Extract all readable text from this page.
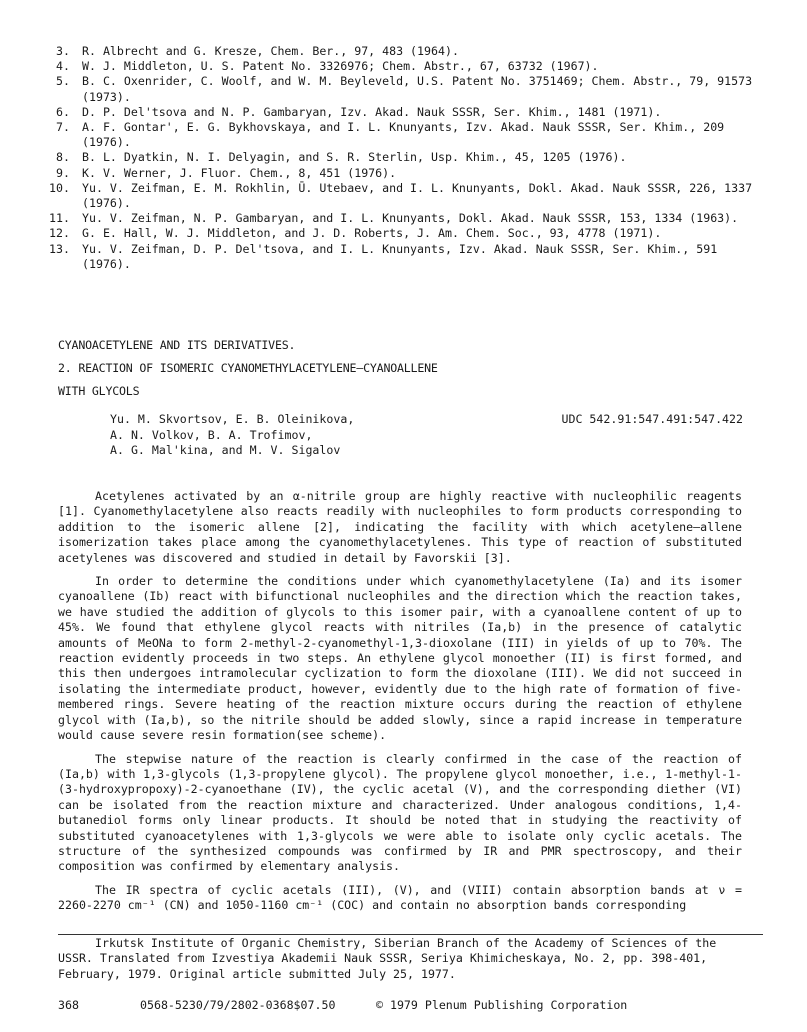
3.	R. Albrecht and G. Kresze, Chem. Ber., 97, 483 (1964).
4.	W. J. Middleton, U. S. Patent No. 3326976; Chem. Abstr., 67, 63732 (1967).
5.	B. C. Oxenrider, C. Woolf, and W. M. Beyleveld, U.S. Patent No. 3751469; Chem. Abstr., 79, 91573 (1973).
6.	D. P. Del'tsova and N. P. Gambaryan, Izv. Akad. Nauk SSSR, Ser. Khim., 1481 (1971).
7.	A. F. Gontar', E. G. Bykhovskaya, and I. L. Knunyants, Izv. Akad. Nauk SSSR, Ser. Khim., 209 (1976).
8.	B. L. Dyatkin, N. I. Delyagin, and S. R. Sterlin, Usp. Khim., 45, 1205 (1976).
9.	K. V. Werner, J. Fluor. Chem., 8, 451 (1976).
10.	Yu. V. Zeifman, E. M. Rokhlin, Ū. Utebaev, and I. L. Knunyants, Dokl. Akad. Nauk SSSR, 226, 1337 (1976).
11.	Yu. V. Zeifman, N. P. Gambaryan, and I. L. Knunyants, Dokl. Akad. Nauk SSSR, 153, 1334 (1963).
12.	G. E. Hall, W. J. Middleton, and J. D. Roberts, J. Am. Chem. Soc., 93, 4778 (1971).
13.	Yu. V. Zeifman, D. P. Del'tsova, and I. L. Knunyants, Izv. Akad. Nauk SSSR, Ser. Khim., 591 (1976).
CYANOACETYLENE AND ITS DERIVATIVES.
2. REACTION OF ISOMERIC CYANOMETHYLACETYLENE–CYANOALLENE
WITH GLYCOLS
Yu. M. Skvortsov, E. B. Oleinikova,
A. N. Volkov, B. A. Trofimov,
A. G. Mal'kina, and M. V. Sigalov
UDC 542.91:547.491:547.422

Acetylenes activated by an α-nitrile group are highly reactive with nucleophilic reagents [1]. Cyanomethylacetylene also reacts readily with nucleophiles to form products corresponding to addition to the isomeric allene [2], indicating the facility with which acetylene–allene isomerization takes place among the cyanomethylacetylenes. This type of reaction of substituted acetylenes was discovered and studied in detail by Favorskii [3].

In order to determine the conditions under which cyanomethylacetylene (Ia) and its isomer cyanoallene (Ib) react with bifunctional nucleophiles and the direction which the reaction takes, we have studied the addition of glycols to this isomer pair, with a cyanoallene content of up to 45%. We found that ethylene glycol reacts with nitriles (Ia,b) in the presence of catalytic amounts of MeONa to form 2-methyl-2-cyanomethyl-1,3-dioxolane (III) in yields of up to 70%. The reaction evidently proceeds in two steps. An ethylene glycol monoether (II) is first formed, and this then undergoes intramolecular cyclization to form the dioxolane (III). We did not succeed in isolating the intermediate product, however, evidently due to the high rate of formation of five-membered rings. Severe heating of the reaction mixture occurs during the reaction of ethylene glycol with (Ia,b), so the nitrile should be added slowly, since a rapid increase in temperature would cause severe resin formation(see scheme).

The stepwise nature of the reaction is clearly confirmed in the case of the reaction of (Ia,b) with 1,3-glycols (1,3-propylene glycol). The propylene glycol monoether, i.e., 1-methyl-1-(3-hydroxypropoxy)-2-cyanoethane (IV), the cyclic acetal (V), and the corresponding diether (VI) can be isolated from the reaction mixture and characterized. Under analogous conditions, 1,4-butanediol forms only linear products. It should be noted that in studying the reactivity of substituted cyanoacetylenes with 1,3-glycols we were able to isolate only cyclic acetals. The structure of the synthesized compounds was confirmed by IR and PMR spectroscopy, and their composition was confirmed by elementary analysis.

The IR spectra of cyclic acetals (III), (V), and (VIII) contain absorption bands at ν = 2260-2270 cm⁻¹ (CN) and 1050-1160 cm⁻¹ (COC) and contain no absorption bands corresponding

Irkutsk Institute of Organic Chemistry, Siberian Branch of the Academy of Sciences of the USSR. Translated from Izvestiya Akademii Nauk SSSR, Seriya Khimicheskaya, No. 2, pp. 398-401, February, 1979. Original article submitted July 25, 1977.
368	0568-5230/79/2802-0368$07.50	© 1979 Plenum Publishing Corporation
